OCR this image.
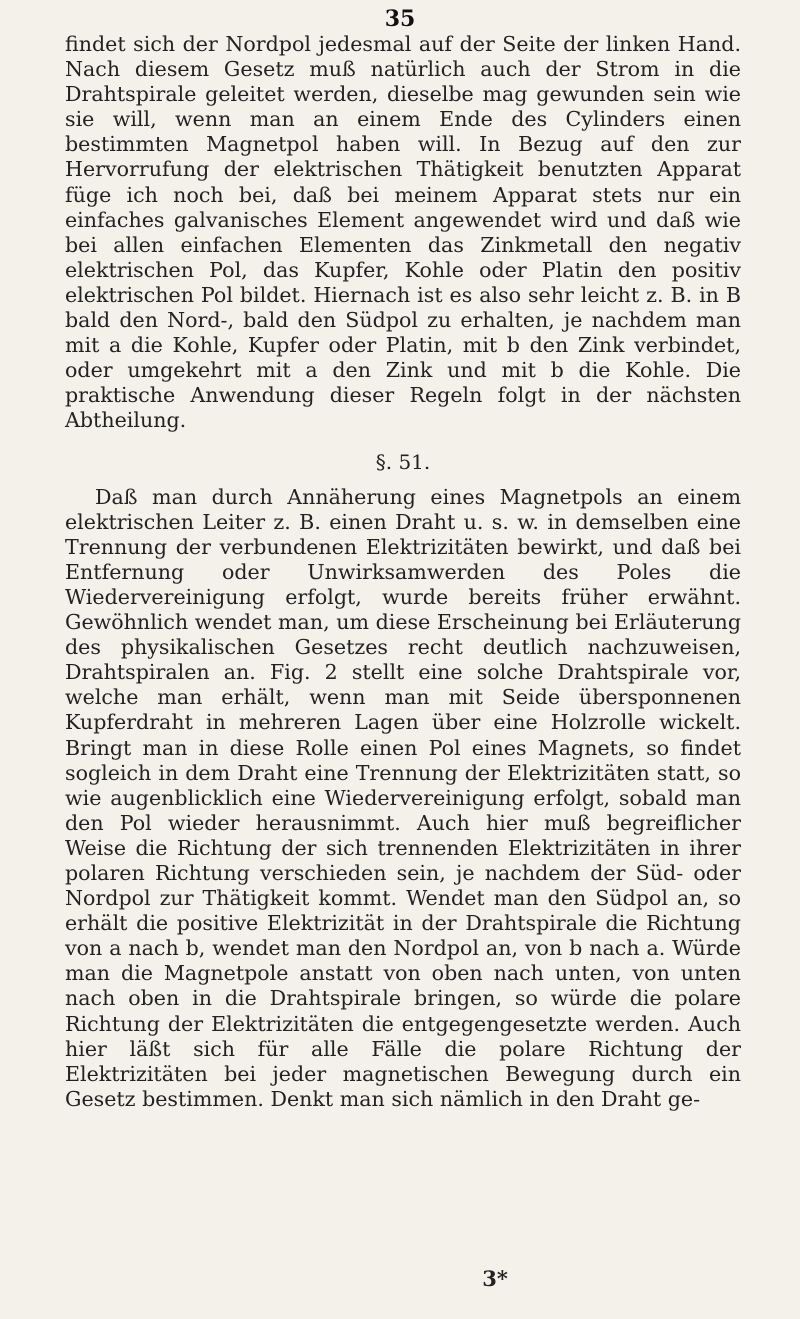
35

findet sich der Nordpol jedesmal auf der Seite der linken Hand. Nach diesem Gesetz muß natürlich auch der Strom in die Drahtspirale geleitet werden, dieselbe mag gewunden sein wie sie will, wenn man an einem Ende des Cylinders einen bestimmten Magnetpol haben will. In Bezug auf den zur Hervorrufung der elektrischen Thätigkeit benutzten Apparat füge ich noch bei, daß bei meinem Apparat stets nur ein einfaches galvanisches Element angewendet wird und daß wie bei allen einfachen Elementen das Zinkmetall den negativ elektrischen Pol, das Kupfer, Kohle oder Platin den positiv elektrischen Pol bildet. Hiernach ist es also sehr leicht z. B. in B bald den Nord-, bald den Südpol zu erhalten, je nachdem man mit a die Kohle, Kupfer oder Platin, mit b den Zink verbindet, oder umgekehrt mit a den Zink und mit b die Kohle. Die praktische Anwendung dieser Regeln folgt in der nächsten Abtheilung.

§. 51.

Daß man durch Annäherung eines Magnetpols an einem elektrischen Leiter z. B. einen Draht u. s. w. in demselben eine Trennung der verbundenen Elektrizitäten bewirkt, und daß bei Entfernung oder Unwirksamwerden des Poles die Wiedervereinigung erfolgt, wurde bereits früher erwähnt. Gewöhnlich wendet man, um diese Erscheinung bei Erläuterung des physikalischen Gesetzes recht deutlich nachzuweisen, Drahtspiralen an. Fig. 2 stellt eine solche Drahtspirale vor, welche man erhält, wenn man mit Seide übersponnenen Kupferdraht in mehreren Lagen über eine Holzrolle wickelt. Bringt man in diese Rolle einen Pol eines Magnets, so findet sogleich in dem Draht eine Trennung der Elektrizitäten statt, so wie augenblicklich eine Wiedervereinigung erfolgt, sobald man den Pol wieder herausnimmt. Auch hier muß begreiflicher Weise die Richtung der sich trennenden Elektrizitäten in ihrer polaren Richtung verschieden sein, je nachdem der Süd- oder Nordpol zur Thätigkeit kommt. Wendet man den Südpol an, so erhält die positive Elektrizität in der Drahtspirale die Richtung von a nach b, wendet man den Nordpol an, von b nach a. Würde man die Magnetpole anstatt von oben nach unten, von unten nach oben in die Drahtspirale bringen, so würde die polare Richtung der Elektrizitäten die entgegengesetzte werden. Auch hier läßt sich für alle Fälle die polare Richtung der Elektrizitäten bei jeder magnetischen Bewegung durch ein Gesetz bestimmen. Denkt man sich nämlich in den Draht ge-

3*
